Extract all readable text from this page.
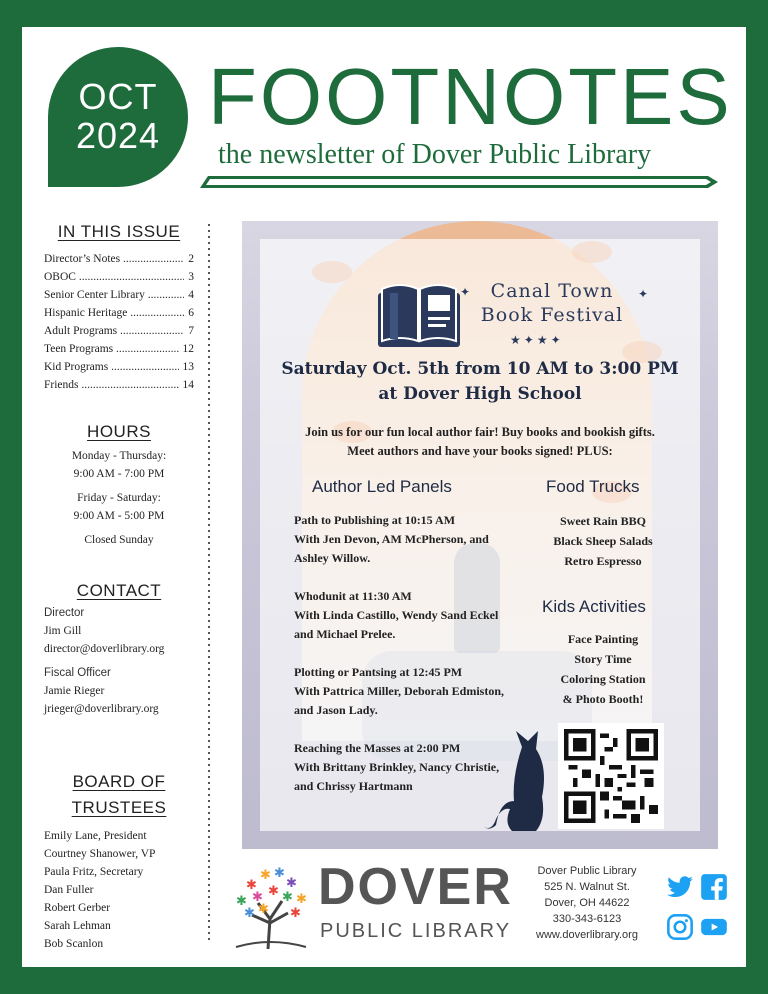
OCT
2024 FOOTNOTES
the newsletter of Dover Public Library
IN THIS ISSUE
Director’s Notes .....	2
OBOC .....	3
Senior Center Library .....	4
Hispanic Heritage .....	6
Adult Programs .....	7
Teen Programs .....	12
Kid Programs .....	13
Friends .....	14
HOURS
Monday - Thursday:
9:00 AM - 7:00 PM
Friday - Saturday:
9:00 AM - 5:00 PM
Closed Sunday
CONTACT
Director
Jim Gill
director@doverlibrary.org
Fiscal Officer
Jamie Rieger
jrieger@doverlibrary.org
BOARD OF
TRUSTEES
Emily Lane, President
Courtney Shanower, VP
Paula Fritz, Secretary
Dan Fuller
Robert Gerber
Sarah Lehman
Bob Scanlon
✦	✦
Canal Town
Book Festival
★ ✦ ★ ✦
Saturday Oct. 5th from 10 AM to 3:00 PM
at Dover High School
Join us for our fun local author fair! Buy books and bookish gifts.
Meet authors and have your books signed! PLUS:
Author Led Panels
Path to Publishing at 10:15 AM
With Jen Devon, AM McPherson, and Ashley Willow.
Whodunit at 11:30 AM
With Linda Castillo, Wendy Sand Eckel and Michael Prelee.
Plotting or Pantsing at 12:45 PM
With Pattrica Miller, Deborah Edmiston, and Jason Lady.
Reaching the Masses at 2:00 PM
With Brittany Brinkley, Nancy Christie, and Chrissy Hartmann
Food Trucks
Sweet Rain BBQ
Black Sheep Salads
Retro Espresso
Kids Activities
Face Painting
Story Time
Coloring Station
& Photo Booth!
✱
✱ ✱
✱
✱ ✱ ✱ ✱ ✱
✱	✱
✱ DOVER
PUBLIC LIBRARY
Dover Public Library
525 N. Walnut St.
Dover, OH 44622
330-343-6123
www.doverlibrary.org
